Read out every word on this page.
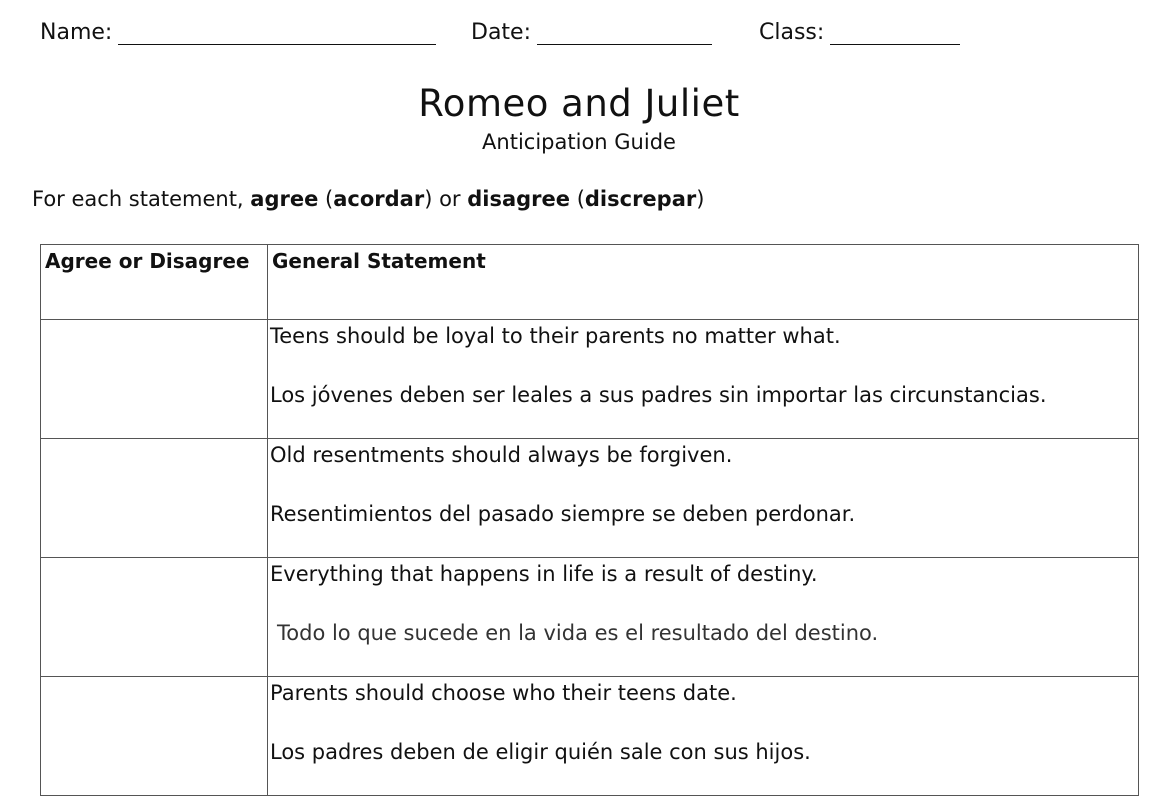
Name:	Date:	Class:
Romeo and Juliet
Anticipation Guide
For each statement, agree (acordar) or disagree (discrepar)
Agree or Disagree	General Statement

	Teens should be loyal to their parents no matter what.
Los jóvenes deben ser leales a sus padres sin importar las circunstancias.

	Old resentments should always be forgiven.
Resentimientos del pasado siempre se deben perdonar.

	Everything that happens in life is a result of destiny.
Todo lo que sucede en la vida es el resultado del destino.

	Parents should choose who their teens date.
Los padres deben de eligir quién sale con sus hijos.
